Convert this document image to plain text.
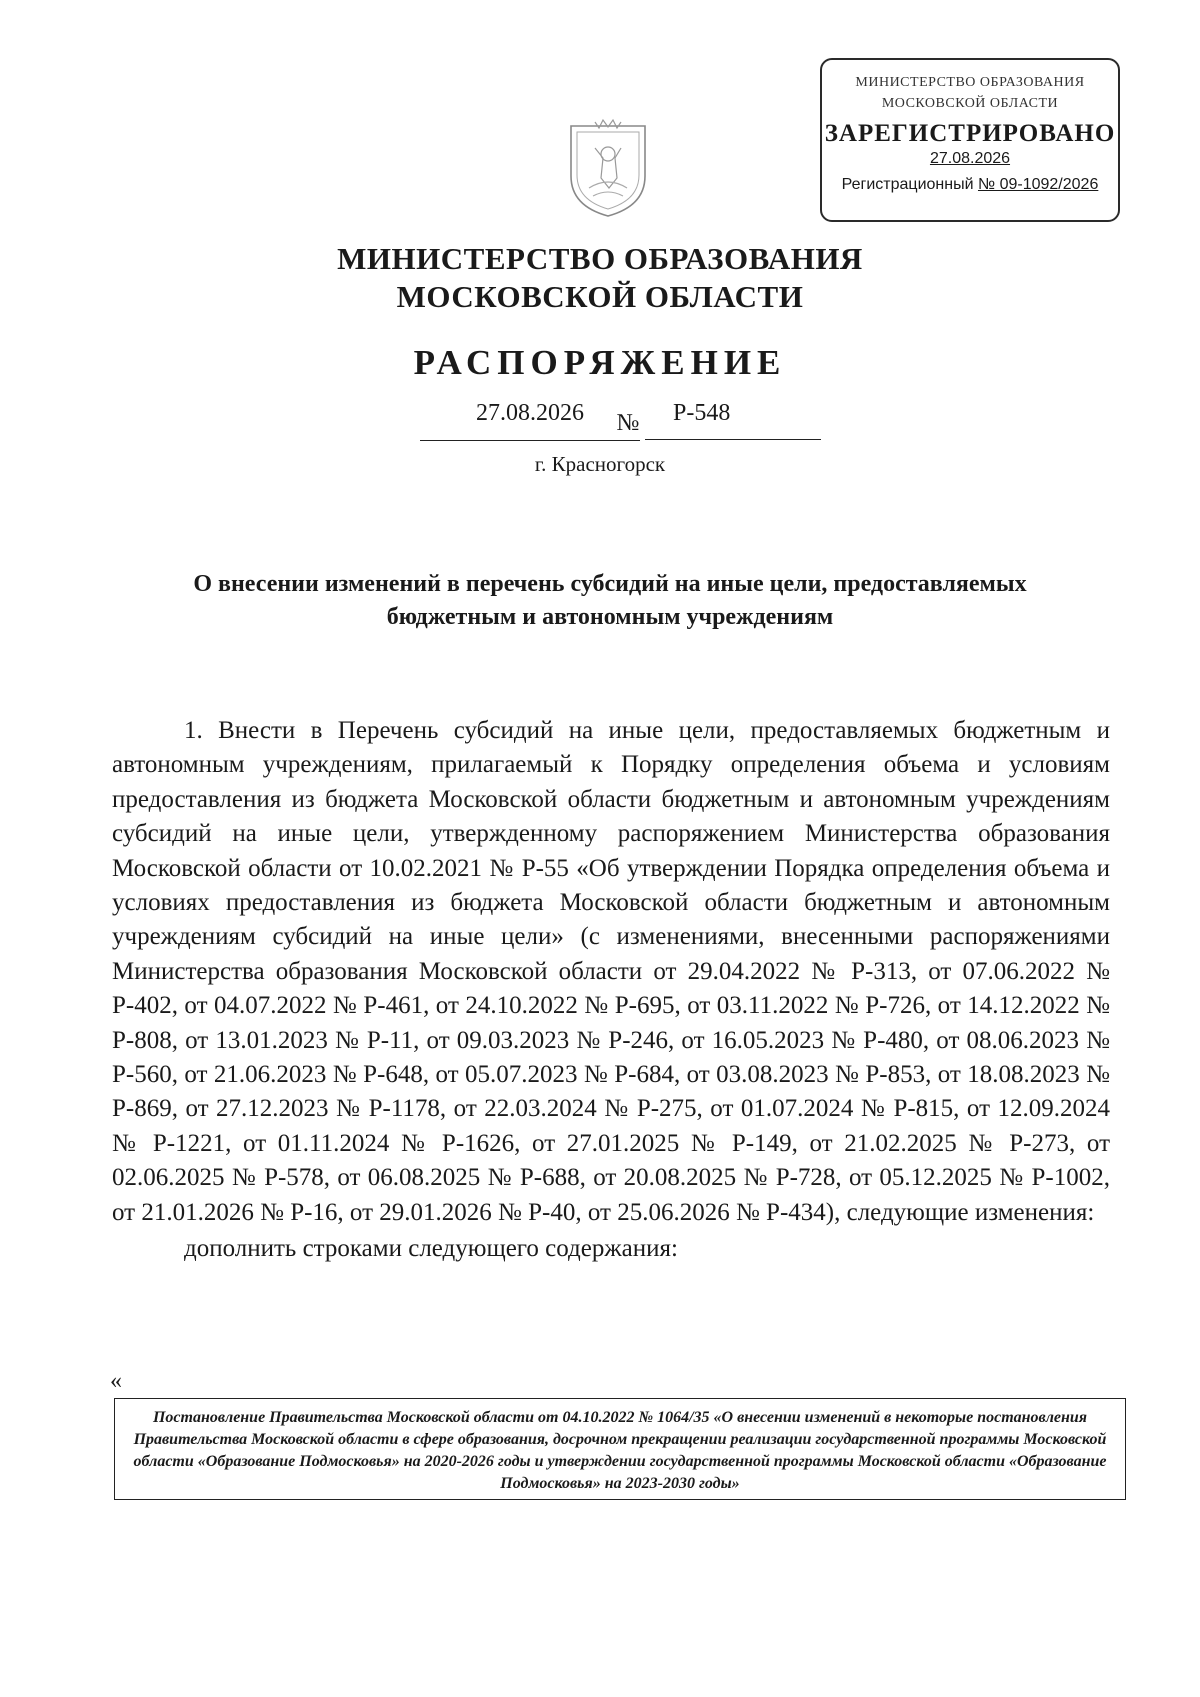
МИНИСТЕРСТВО ОБРАЗОВАНИЯ
МОСКОВСКОЙ ОБЛАСТИ
ЗАРЕГИСТРИРОВАНО
27.08.2026
Регистрационный № 09-1092/2026
МИНИСТЕРСТВО ОБРАЗОВАНИЯ
МОСКОВСКОЙ ОБЛАСТИ
РАСПОРЯЖЕНИЕ
27.08.2026	№	Р-548
г. Красногорск
О внесении изменений в перечень субсидий на иные цели, предоставляемых бюджетным и автономным учреждениям

1. Внести в Перечень субсидий на иные цели, предоставляемых бюджетным и автономным учреждениям, прилагаемый к Порядку определения объема и условиям предоставления из бюджета Московской области бюджетным и автономным учреждениям субсидий на иные цели, утвержденному распоряжением Министерства образования Московской области от 10.02.2021 № Р-55 «Об утверждении Порядка определения объема и условиях предоставления из бюджета Московской области бюджетным и автономным учреждениям субсидий на иные цели» (с изменениями, внесенными распоряжениями Министерства образования Московской области от 29.04.2022 № Р-313, от 07.06.2022 № Р-402, от 04.07.2022 № Р-461, от 24.10.2022 № Р-695, от 03.11.2022 № Р-726, от 14.12.2022 № Р-808, от 13.01.2023 № Р-11, от 09.03.2023 № Р-246, от 16.05.2023 № Р-480, от 08.06.2023 № Р-560, от 21.06.2023 № Р-648, от 05.07.2023 № Р-684, от 03.08.2023 № Р-853, от 18.08.2023 № Р-869, от 27.12.2023 № Р-1178, от 22.03.2024 № Р-275, от 01.07.2024 № Р-815, от 12.09.2024 № Р-1221, от 01.11.2024 № Р-1626, от 27.01.2025 № Р-149, от 21.02.2025 № Р-273, от 02.06.2025 № Р-578, от 06.08.2025 № Р-688, от 20.08.2025 № Р-728, от 05.12.2025 № Р-1002, от 21.01.2026 № Р-16, от 29.01.2026 № Р-40, от 25.06.2026 № Р-434), следующие изменения:

дополнить строками следующего содержания:

«
Постановление Правительства Московской области от 04.10.2022 № 1064/35 «О внесении изменений в некоторые постановления Правительства Московской области в сфере образования, досрочном прекращении реализации государственной программы Московской области «Образование Подмосковья» на 2020-2026 годы и утверждении государственной программы Московской области «Образование Подмосковья» на 2023-2030 годы»
